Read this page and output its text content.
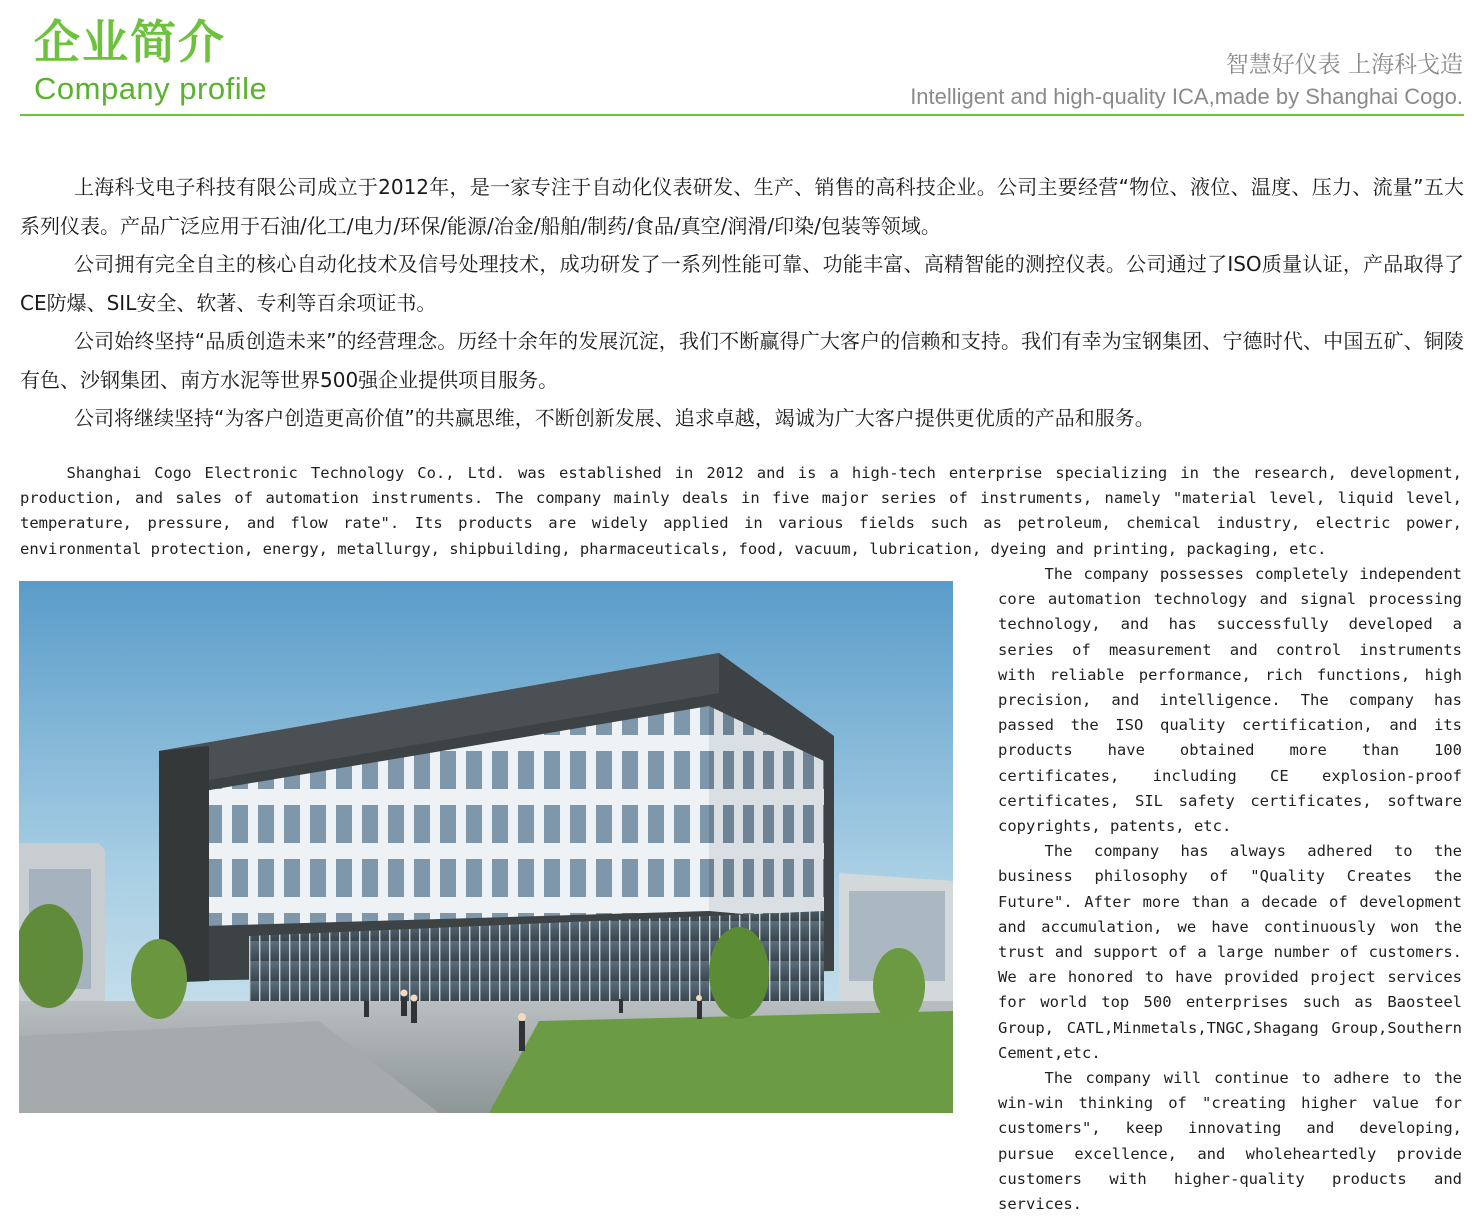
企业简介
Company profile
智慧好仪表 上海科戈造
Intelligent and high-quality ICA,made by Shanghai Cogo.

上海科戈电子科技有限公司成立于2012年，是一家专注于自动化仪表研发、生产、销售的高科技企业。公司主要经营“物位、液位、温度、压力、流量”五大系列仪表。产品广泛应用于石油/化工/电力/环保/能源/冶金/船舶/制药/食品/真空/润滑/印染/包装等领域。

公司拥有完全自主的核心自动化技术及信号处理技术，成功研发了一系列性能可靠、功能丰富、高精智能的测控仪表。公司通过了ISO质量认证，产品取得了CE防爆、SIL安全、软著、专利等百余项证书。

公司始终坚持“品质创造未来”的经营理念。历经十余年的发展沉淀，我们不断赢得广大客户的信赖和支持。我们有幸为宝钢集团、宁德时代、中国五矿、铜陵有色、沙钢集团、南方水泥等世界500强企业提供项目服务。

公司将继续坚持“为客户创造更高价值”的共赢思维，不断创新发展、追求卓越，竭诚为广大客户提供更优质的产品和服务。

Shanghai Cogo Electronic Technology Co., Ltd. was established in 2012 and is a high-tech enterprise specializing in the research, development, production, and sales of automation instruments. The company mainly deals in five major series of instruments, namely "material level, liquid level, temperature, pressure, and flow rate". Its products are widely applied in various fields such as petroleum, chemical industry, electric power, environmental protection, energy, metallurgy, shipbuilding, pharmaceuticals, food, vacuum, lubrication, dyeing and printing, packaging, etc.

The company possesses completely independent core automation technology and signal processing technology, and has successfully developed a series of measurement and control instruments with reliable performance, rich functions, high precision, and intelligence. The company has passed the ISO quality certification, and its products have obtained more than 100 certificates, including CE explosion-proof certificates, SIL safety certificates, software copyrights, patents, etc.

The company has always adhered to the business philosophy of "Quality Creates the Future". After more than a decade of development and accumulation, we have continuously won the trust and support of a large number of customers. We are honored to have provided project services for world top 500 enterprises such as Baosteel Group, CATL,Minmetals,TNGC,Shagang Group,Southern Cement,etc.

The company will continue to adhere to the win-win thinking of "creating higher value for customers", keep innovating and developing, pursue excellence, and wholeheartedly provide customers with higher-quality products and services.
